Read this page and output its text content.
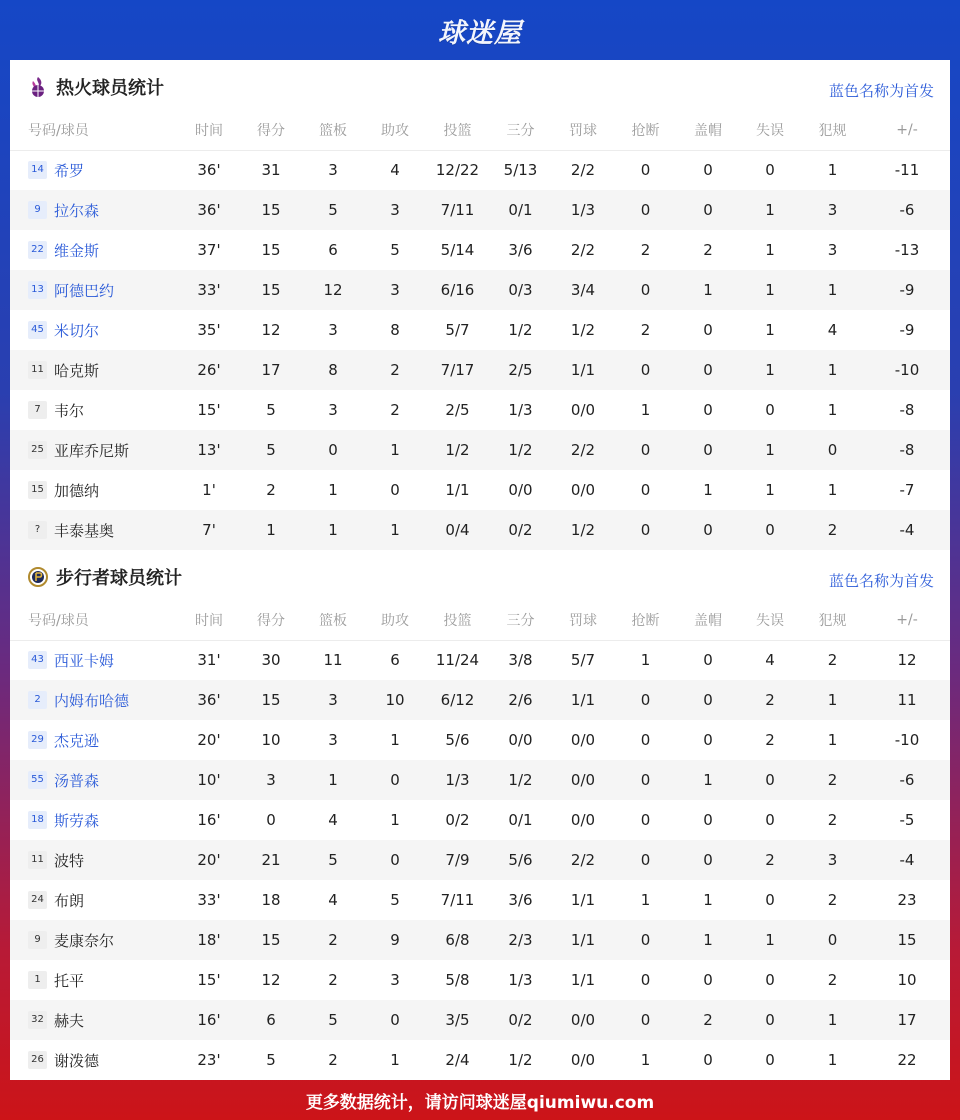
球迷屋
热火球员统计	蓝色名称为首发
号码/球员	时间	得分	篮板	助攻	投篮	三分	罚球	抢断	盖帽	失误	犯规	+/-
14 希罗	36'	31	3	4	12/22	5/13	2/2	0	0	0	1	-11
9 拉尔森	36'	15	5	3	7/11	0/1	1/3	0	0	1	3	-6
22 维金斯	37'	15	6	5	5/14	3/6	2/2	2	2	1	3	-13
13 阿德巴约	33'	15	12	3	6/16	0/3	3/4	0	1	1	1	-9
45 米切尔	35'	12	3	8	5/7	1/2	1/2	2	0	1	4	-9
11 哈克斯	26'	17	8	2	7/17	2/5	1/1	0	0	1	1	-10
7 韦尔	15'	5	3	2	2/5	1/3	0/0	1	0	0	1	-8
25 亚库乔尼斯	13'	5	0	1	1/2	1/2	2/2	0	0	1	0	-8
15 加德纳	1'	2	1	0	1/1	0/0	0/0	0	1	1	1	-7
? 丰泰基奥	7'	1	1	1	0/4	0/2	1/2	0	0	0	2	-4
步行者球员统计	蓝色名称为首发
号码/球员	时间	得分	篮板	助攻	投篮	三分	罚球	抢断	盖帽	失误	犯规	+/-
43 西亚卡姆	31'	30	11	6	11/24	3/8	5/7	1	0	4	2	12
2 内姆布哈德	36'	15	3	10	6/12	2/6	1/1	0	0	2	1	11
29 杰克逊	20'	10	3	1	5/6	0/0	0/0	0	0	2	1	-10
55 汤普森	10'	3	1	0	1/3	1/2	0/0	0	1	0	2	-6
18 斯劳森	16'	0	4	1	0/2	0/1	0/0	0	0	0	2	-5
11 波特	20'	21	5	0	7/9	5/6	2/2	0	0	2	3	-4
24 布朗	33'	18	4	5	7/11	3/6	1/1	1	1	0	2	23
9 麦康奈尔	18'	15	2	9	6/8	2/3	1/1	0	1	1	0	15
1 托平	15'	12	2	3	5/8	1/3	1/1	0	0	0	2	10
32 赫夫	16'	6	5	0	3/5	0/2	0/0	0	2	0	1	17
26 谢泼德	23'	5	2	1	2/4	1/2	0/0	1	0	0	1	22
更多数据统计，请访问球迷屋qiumiwu.com
